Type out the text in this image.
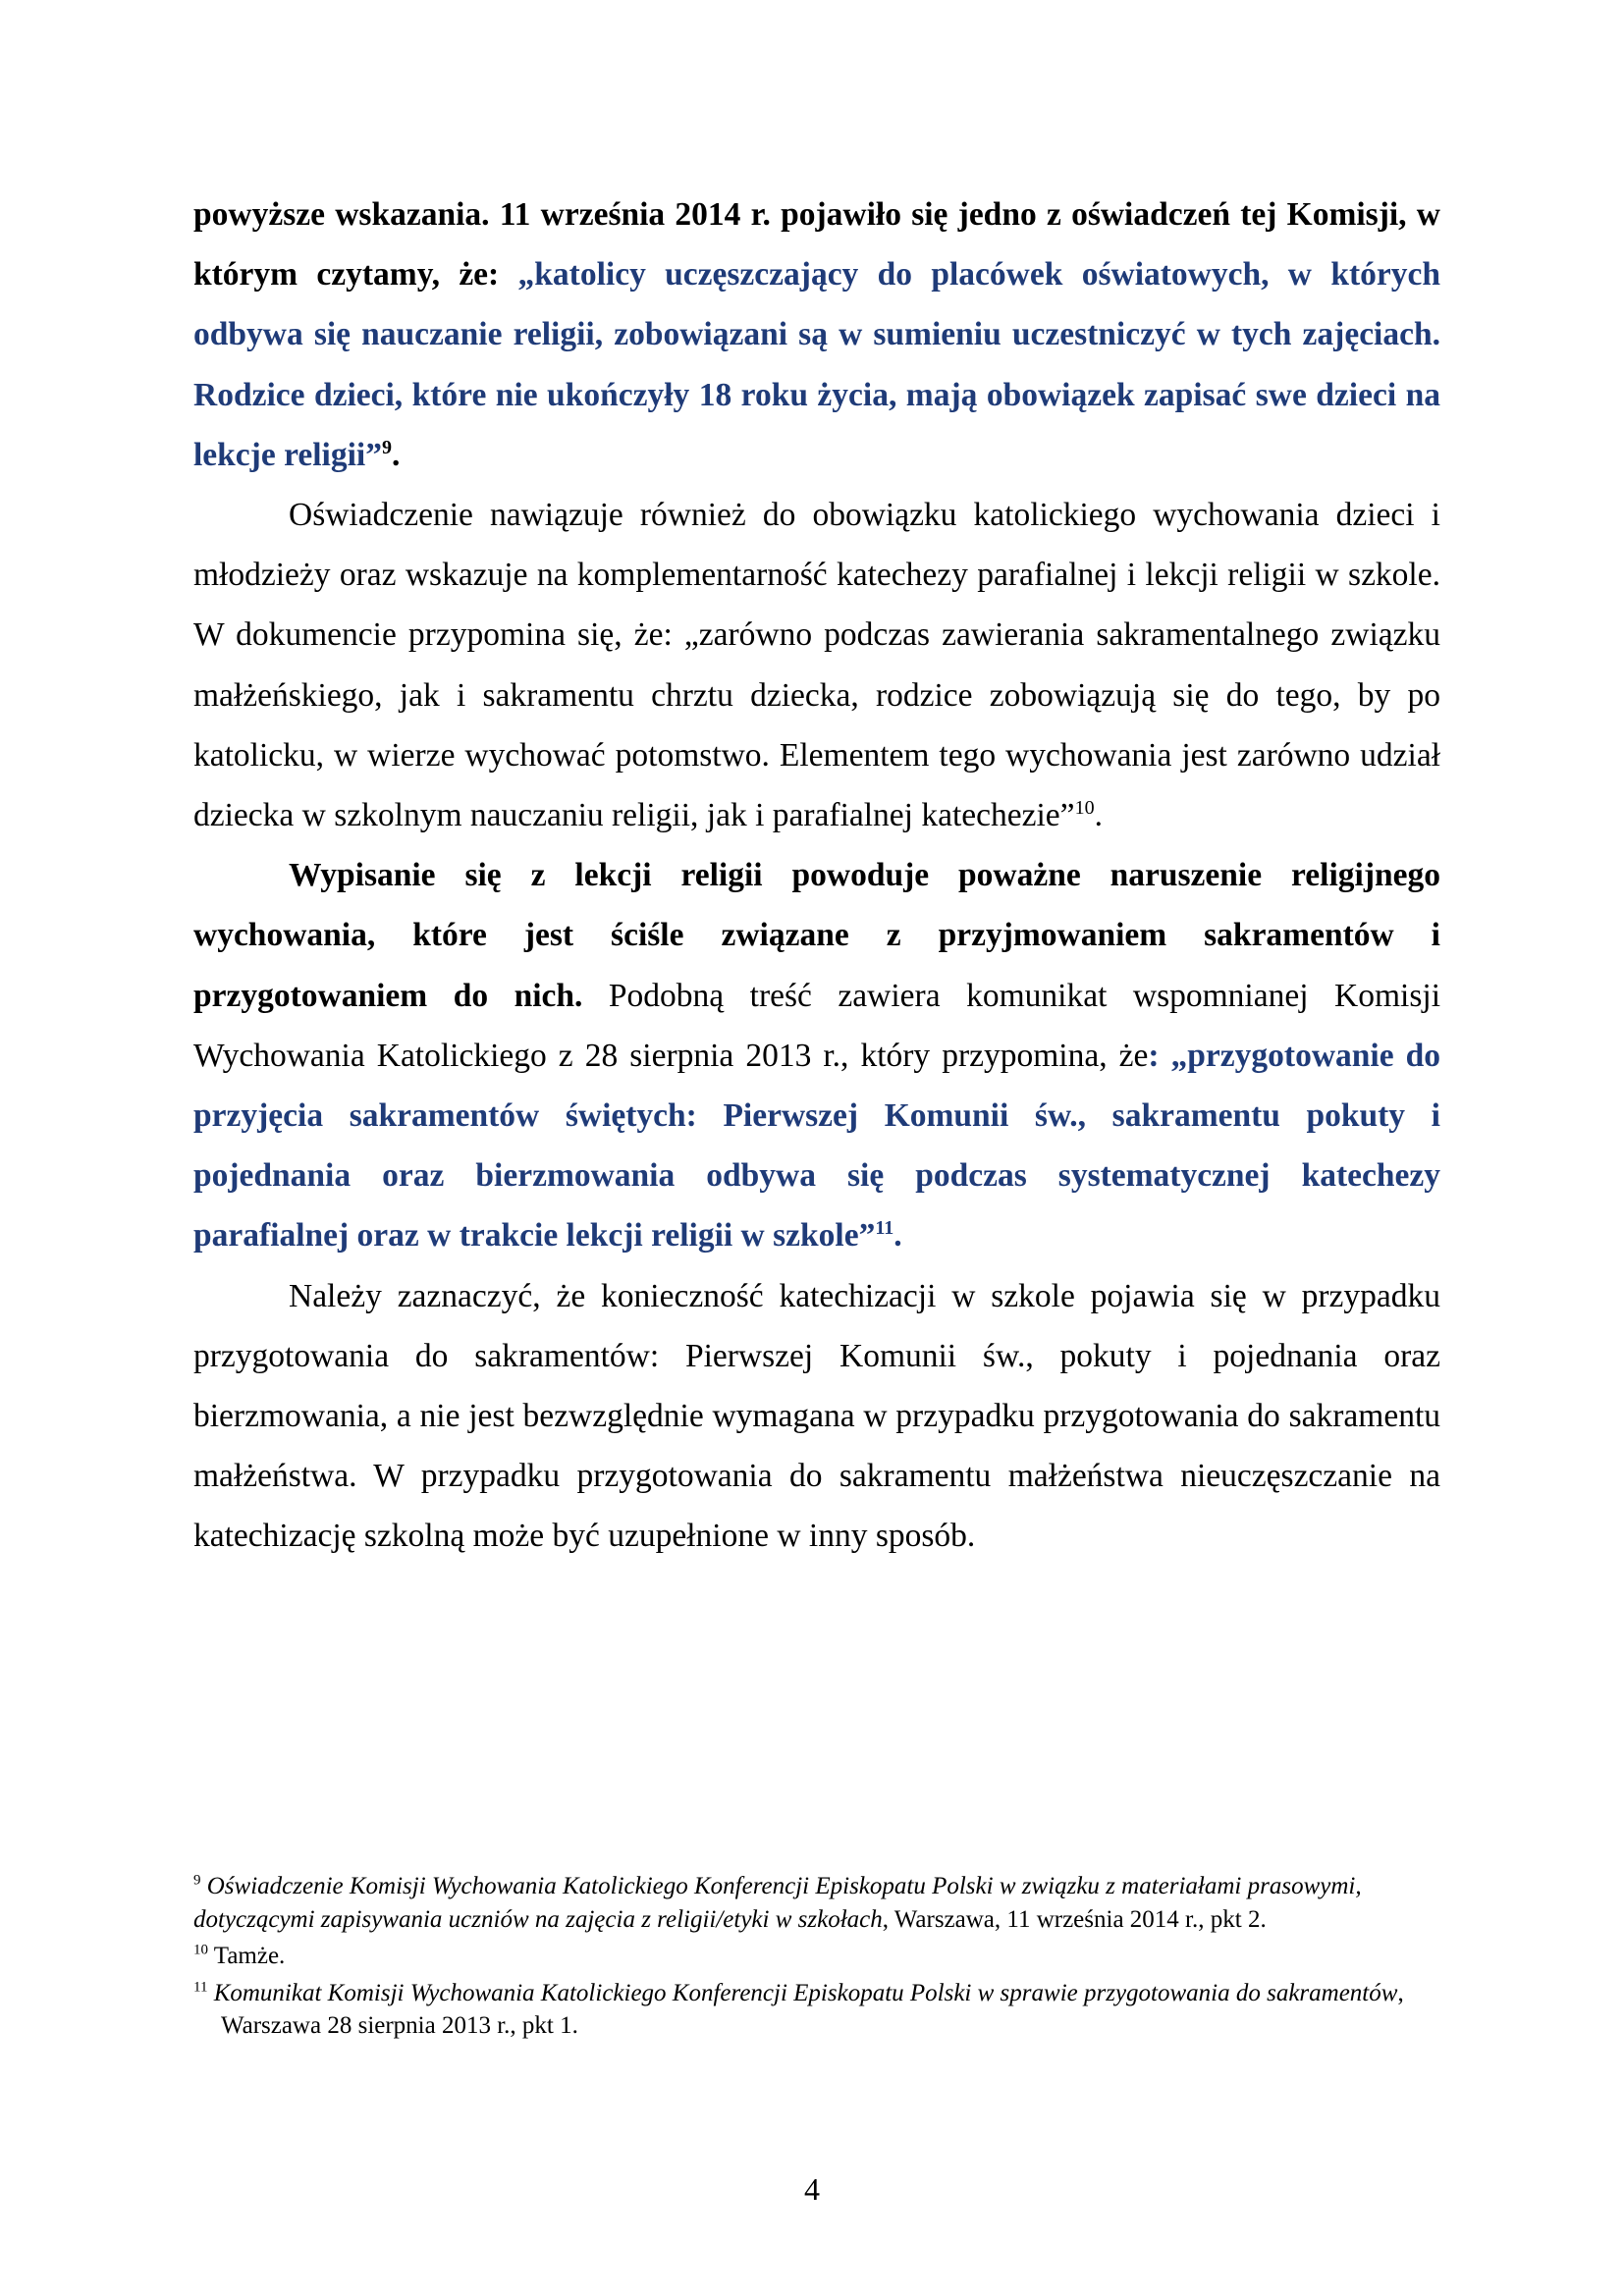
powyższe wskazania. 11 września 2014 r. pojawiło się jedno z oświadczeń tej Komisji, w którym czytamy, że: „katolicy uczęszczający do placówek oświatowych, w których odbywa się nauczanie religii, zobowiązani są w sumieniu uczestniczyć w tych zajęciach. Rodzice dzieci, które nie ukończyły 18 roku życia, mają obowiązek zapisać swe dzieci na lekcje religii”$^9$.

Oświadczenie nawiązuje również do obowiązku katolickiego wychowania dzieci i młodzieży oraz wskazuje na komplementarność katechezy parafialnej i lekcji religii w szkole. W dokumencie przypomina się, że: „zarówno podczas zawierania sakramentalnego związku małżeńskiego, jak i sakramentu chrztu dziecka, rodzice zobowiązują się do tego, by po katolicku, w wierze wychować potomstwo. Elementem tego wychowania jest zarówno udział dziecka w szkolnym nauczaniu religii, jak i parafialnej katechezie”$^{10}$.

Wypisanie się z lekcji religii powoduje poważne naruszenie religijnego wychowania, które jest ściśle związane z przyjmowaniem sakramentów i przygotowaniem do nich. Podobną treść zawiera komunikat wspomnianej Komisji Wychowania Katolickiego z 28 sierpnia 2013 r., który przypomina, że: „przygotowanie do przyjęcia sakramentów świętych: Pierwszej Komunii św., sakramentu pokuty i pojednania oraz bierzmowania odbywa się podczas systematycznej katechezy parafialnej oraz w trakcie lekcji religii w szkole”$^{11}$.

Należy zaznaczyć, że konieczność katechizacji w szkole pojawia się w przypadku przygotowania do sakramentów: Pierwszej Komunii św., pokuty i pojednania oraz bierzmowania, a nie jest bezwzględnie wymagana w przypadku przygotowania do sakramentu małżeństwa. W przypadku przygotowania do sakramentu małżeństwa nieuczęszczanie na katechizację szkolną może być uzupełnione w inny sposób.

$^9$ Oświadczenie Komisji Wychowania Katolickiego Konferencji Episkopatu Polski w związku z materiałami prasowymi, dotyczącymi zapisywania uczniów na zajęcia z religii/etyki w szkołach, Warszawa, 11 września 2014 r., pkt 2.

$^{10}$ Tamże.

$^{11}$ Komunikat Komisji Wychowania Katolickiego Konferencji Episkopatu Polski w sprawie przygotowania do sakramentów, Warszawa 28 sierpnia 2013 r., pkt 1.

4
